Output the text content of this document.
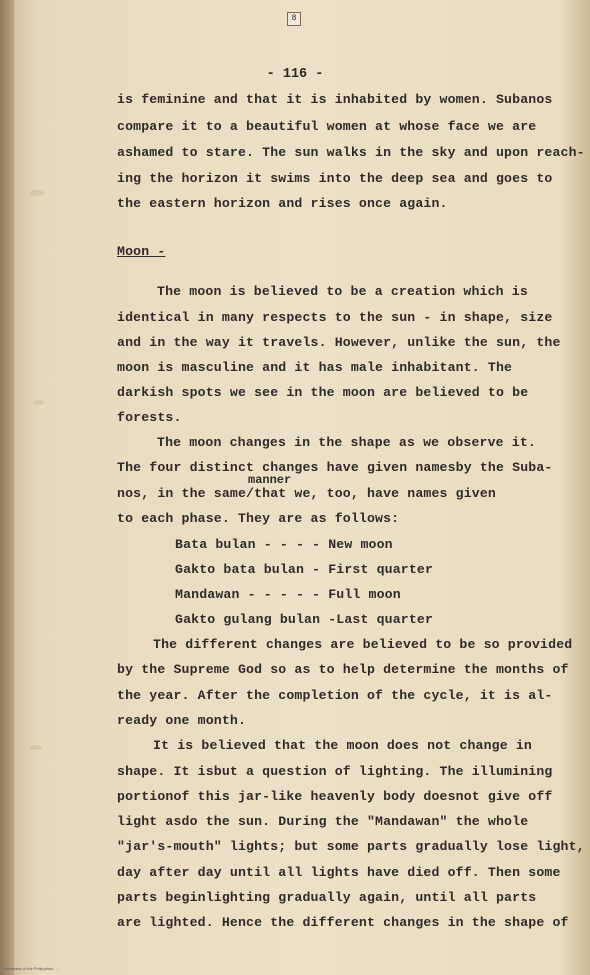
8
- 116 -
is feminine and that it is inhabited by women. Subanos
compare it to a beautiful women at whose face we are
ashamed to stare. The sun walks in the sky and upon reach-
ing the horizon it swims into the deep sea and goes to
the eastern horizon and rises once again.
Moon -
The moon is believed to be a creation which is
identical in many respects to the sun - in shape, size
and in the way it travels. However, unlike the sun, the
moon is masculine and it has male inhabitant. The
darkish spots we see in the moon are believed to be
forests.
The moon changes in the shape as we observe it.
The four distinct changes have given namesby the Suba-
manner
nos, in the same/that we, too, have names given
to each phase. They are as follows:
Bata bulan - - - - New moon
Gakto bata bulan - First quarter
Mandawan - - - - - Full moon
Gakto gulang bulan -Last quarter
The different changes are believed to be so provided
by the Supreme God so as to help determine the months of
the year. After the completion of the cycle, it is al-
ready one month.
It is believed that the moon does not change in
shape. It isbut a question of lighting. The illumining
portionof this jar-like heavenly body doesnot give off
light asdo the sun. During the "Mandawan" the whole
"jar's-mouth" lights; but some parts gradually lose light,
day after day until all lights have died off. Then some
parts beginlighting gradually again, until all parts
are lighted. Hence the different changes in the shape of
University of the Philippines   ...
